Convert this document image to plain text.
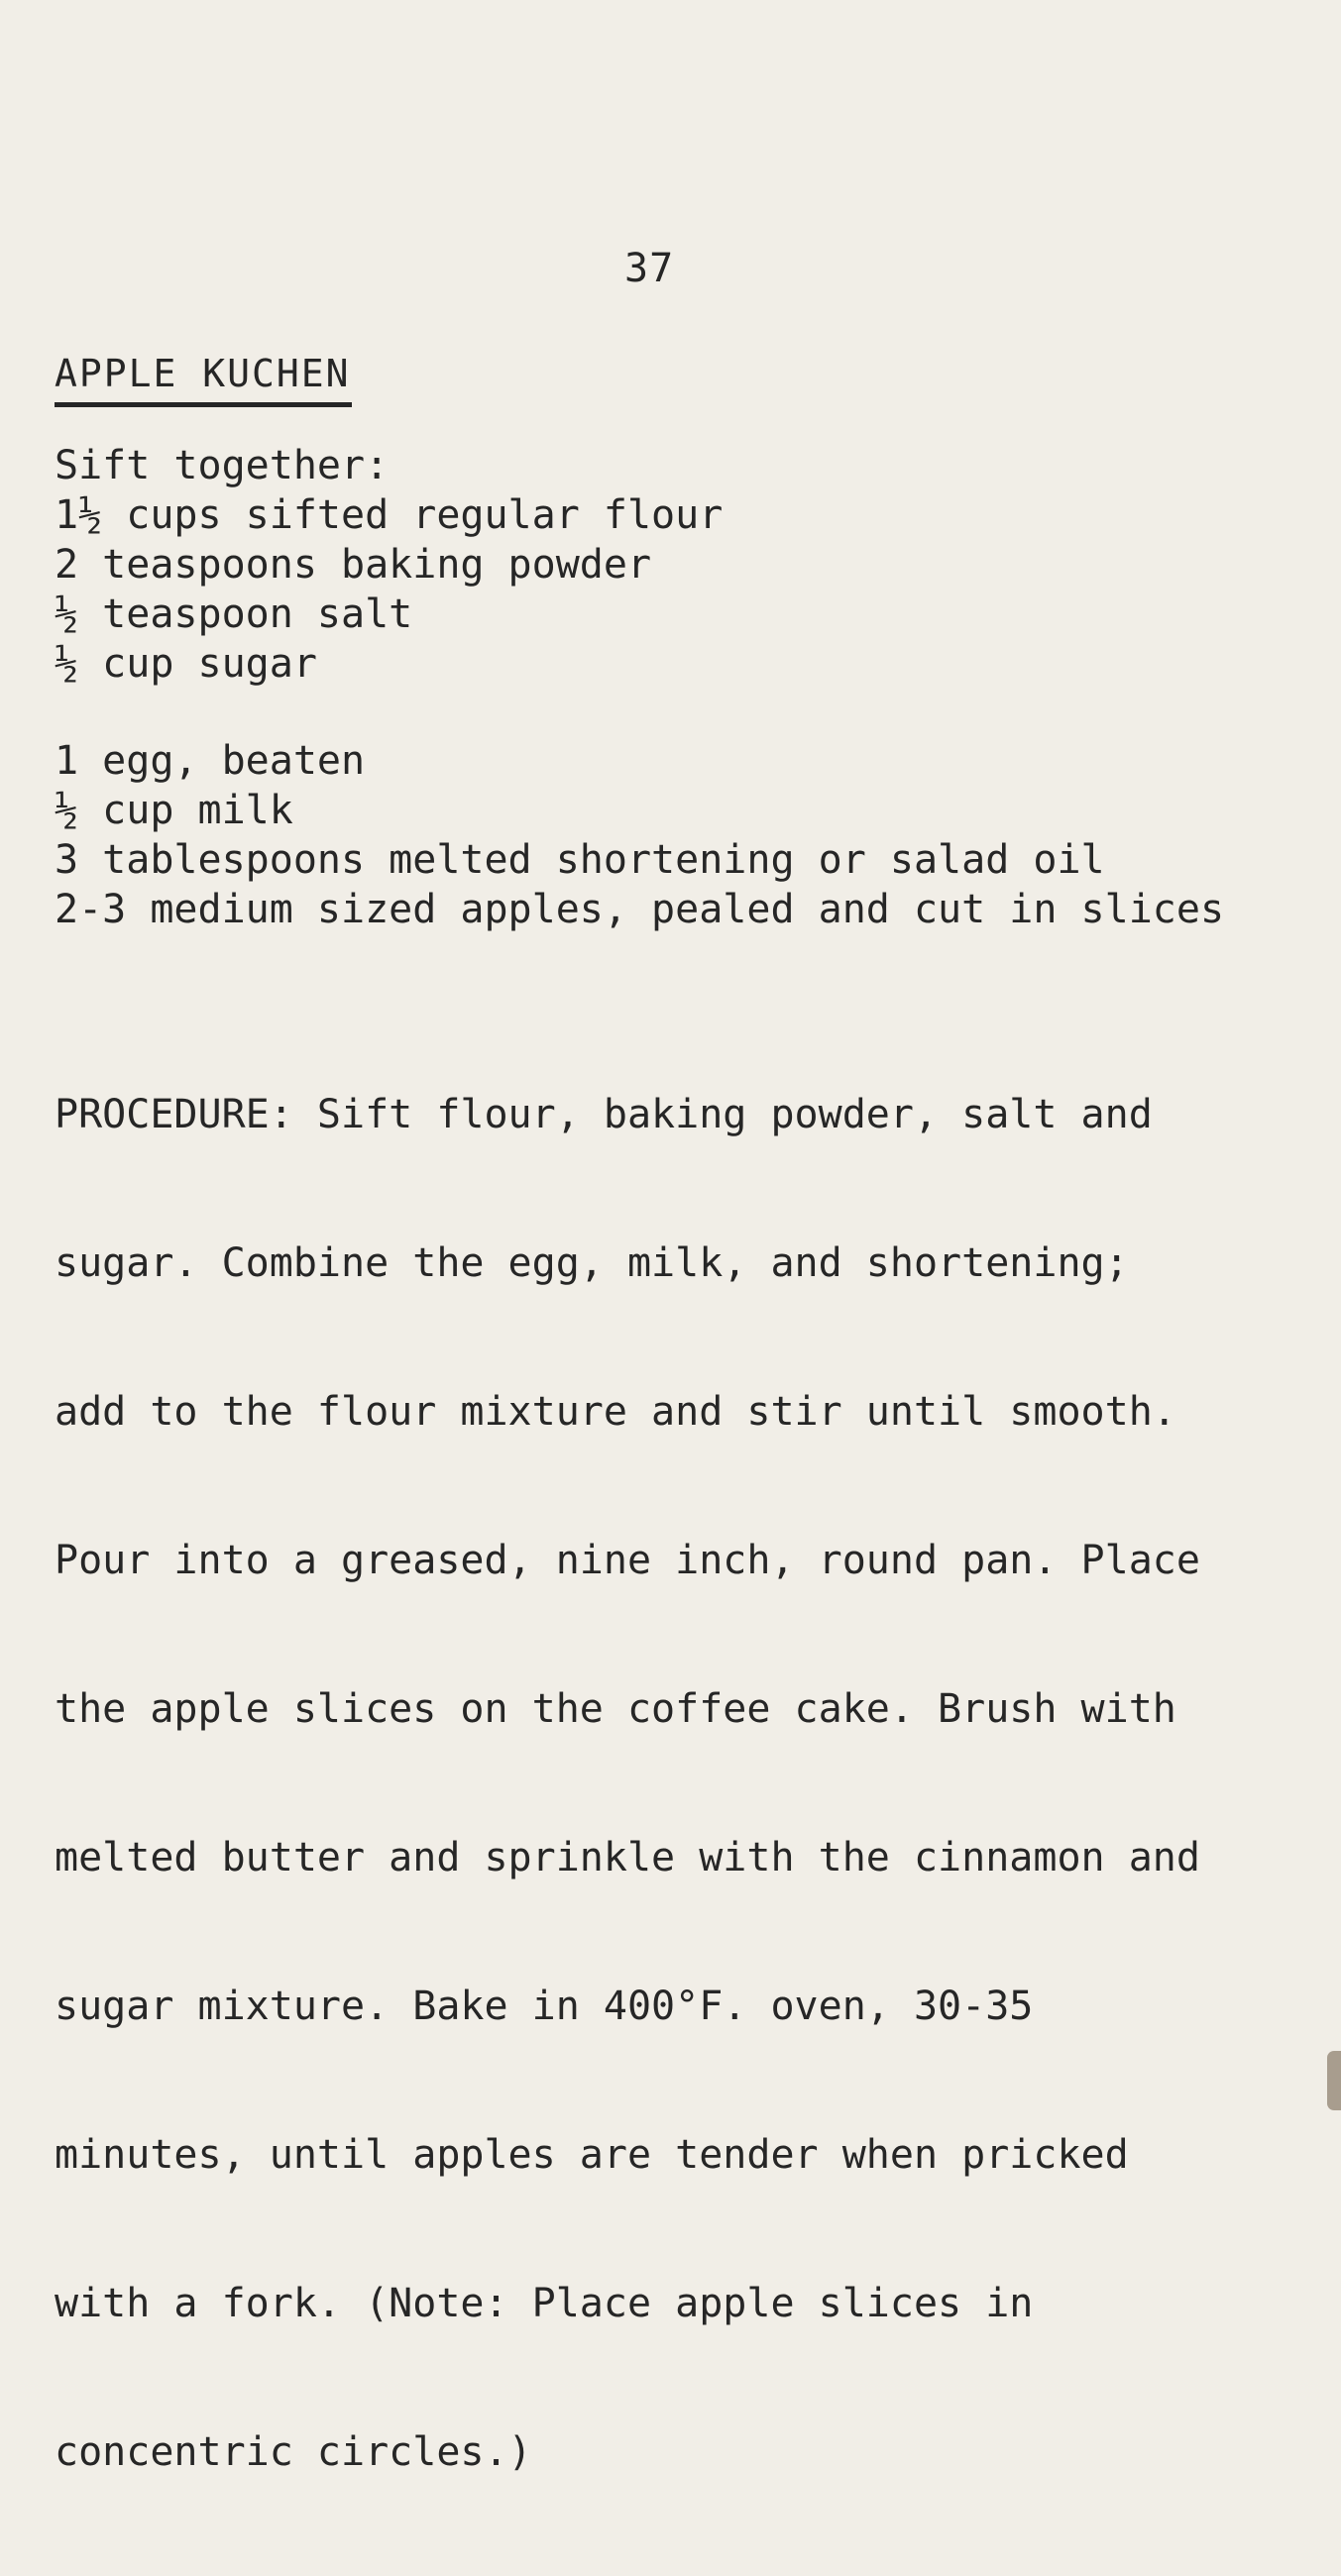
37
APPLE KUCHEN
Sift together:
1½ cups sifted regular flour
2 teaspoons baking powder
½ teaspoon salt
½ cup sugar
1 egg, beaten
½ cup milk
3 tablespoons melted shortening or salad oil
2-3 medium sized apples, pealed and cut in slices

PROCEDURE: Sift flour, baking powder, salt and

sugar. Combine the egg, milk, and shortening;

add to the flour mixture and stir until smooth.

Pour into a greased, nine inch, round pan. Place

the apple slices on the coffee cake. Brush with

melted butter and sprinkle with the cinnamon and

sugar mixture. Bake in 400°F. oven, 30-35

minutes, until apples are tender when pricked

with a fork. (Note: Place apple slices in

concentric circles.)
